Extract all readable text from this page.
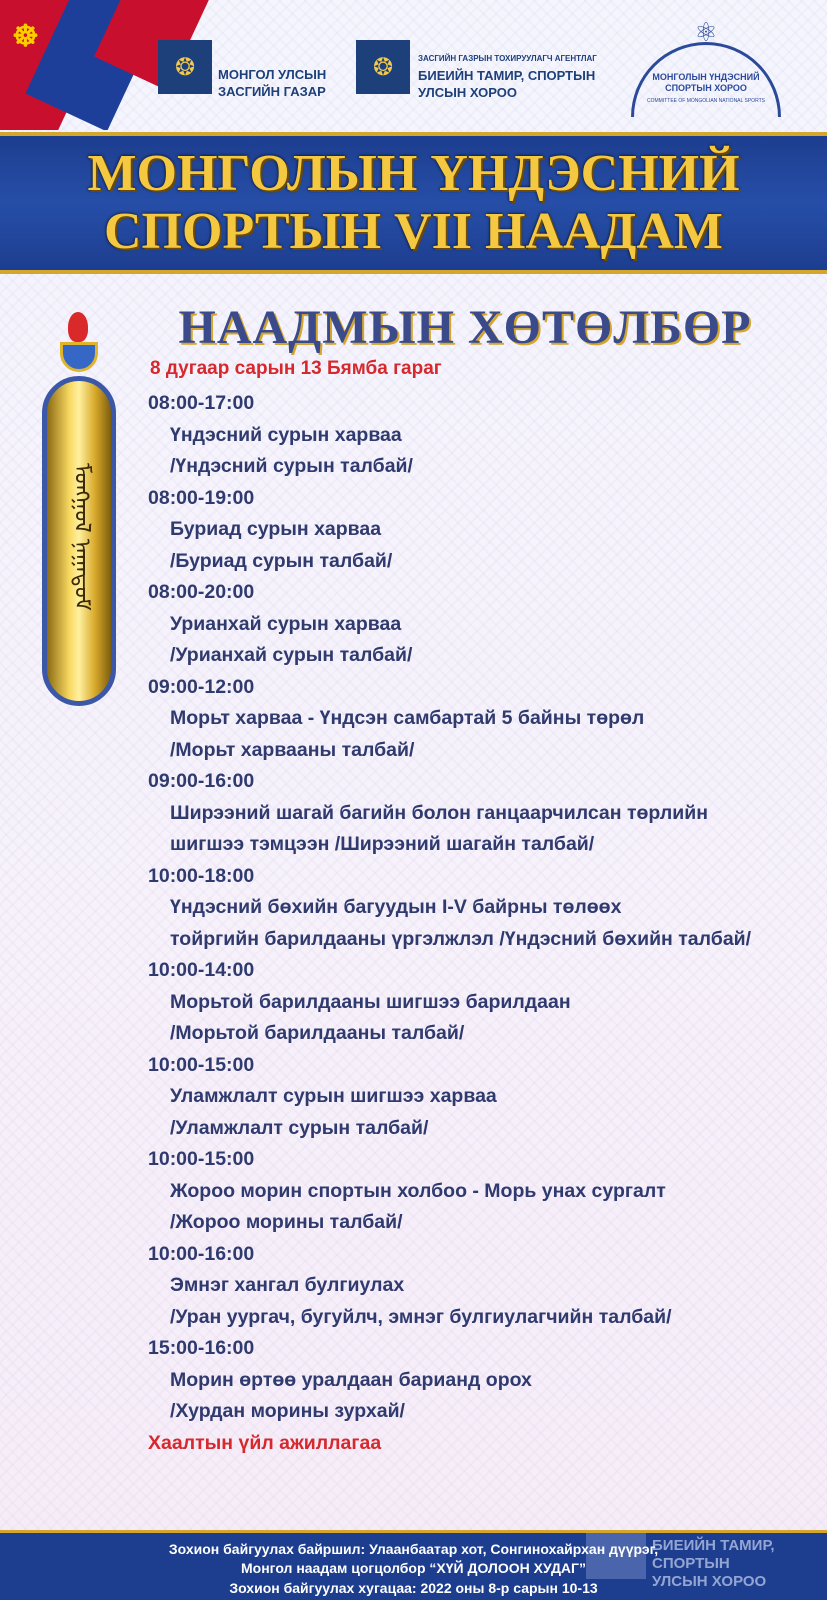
☸
❂	МОНГОЛ УЛСЫН
ЗАСГИЙН ГАЗАР
❂	ЗАСГИЙН ГАЗРЫН ТОХИРУУЛАГЧ АГЕНТЛАГ
БИЕИЙН ТАМИР, СПОРТЫН
УЛСЫН ХОРОО
⚛
МОНГОЛЫН ҮНДЭСНИЙ
СПОРТЫН ХОРОО
COMMITTEE OF MONGOLIAN NATIONAL SPORTS
МОНГОЛЫН ҮНДЭСНИЙ
СПОРТЫН VII НААДАМ
НААДМЫН ХӨТӨЛБӨР
ᠮᠣᠩᠭᠣᠯ ᠨᠠᠭᠠᠳᠤᠮ
8 дугаар сарын 13 Бямба гараг
08:00-17:00
Үндэсний сурын харваа
/Үндэсний сурын талбай/
08:00-19:00
Буриад сурын харваа
/Буриад сурын талбай/
08:00-20:00
Урианхай сурын харваа
/Урианхай сурын талбай/
09:00-12:00
Морьт харваа - Үндсэн самбартай 5 байны төрөл
/Морьт харвааны талбай/
09:00-16:00
Ширээний шагай багийн болон ганцаарчилсан төрлийн
шигшээ тэмцээн /Ширээний шагайн талбай/
10:00-18:00
Үндэсний бөхийн багуудын I-V байрны төлөөх
тойргийн барилдааны үргэлжлэл /Үндэсний бөхийн талбай/
10:00-14:00
Морьтой барилдааны шигшээ барилдаан
/Морьтой барилдааны талбай/
10:00-15:00
Уламжлалт сурын шигшээ харваа
/Уламжлалт сурын талбай/
10:00-15:00
Жороо морин спортын холбоо - Морь унах сургалт
/Жороо морины талбай/
10:00-16:00
Эмнэг хангал булгиулах
/Уран уургач, бугуйлч, эмнэг булгиулагчийн талбай/
15:00-16:00
Морин өртөө уралдаан барианд орох
/Хурдан морины зурхай/
Хаалтын үйл ажиллагаа
БИЕИЙН ТАМИР, СПОРТЫН
УЛСЫН ХОРОО
Зохион байгуулах байршил: Улаанбаатар хот, Сонгинохайрхан дүүрэг,
Монгол наадам цогцолбор “ХҮЙ ДОЛООН ХУДАГ”
Зохион байгуулах хугацаа: 2022 оны 8-р сарын 10-13
